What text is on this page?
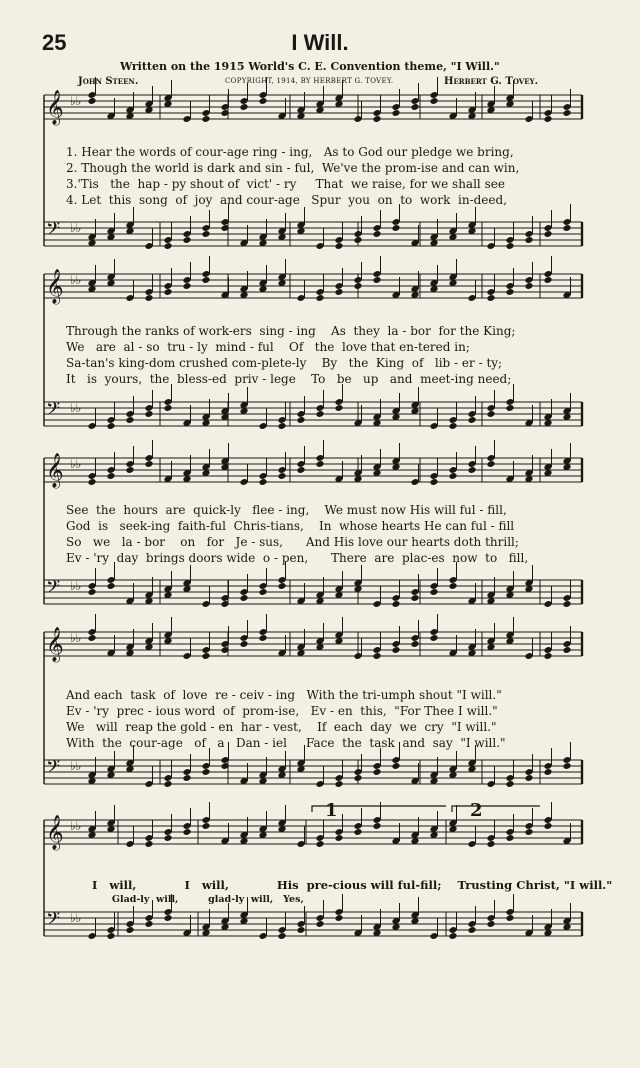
25	I Will.
Written on the 1915 World's C. E. Convention theme, "I Will."
John Steen.	COPYRIGHT, 1914, BY HERBERT G. TOVEY.	Herbert G. Tovey.
𝄞 ♭♭
𝄢 ♭♭
𝄞 ♭♭
𝄢 ♭♭
𝄞 ♭♭
𝄢 ♭♭
𝄞 ♭♭
𝄢 ♭♭
𝄞 ♭♭
𝄢 ♭♭
1. Hear the words of cour-age ring - ing,   As to God our pledge we bring,
2. Though the world is dark and sin - ful,  We've the prom-ise and can win,
3.'Tis   the  hap - py shout of  vict' - ry     That  we raise, for we shall see
4. Let  this  song  of  joy  and cour-age   Spur  you  on  to  work  in-deed,
Through the ranks of work-ers  sing - ing    As  they  la - bor  for the King;
We   are  al - so  tru - ly  mind - ful    Of   the  love that en-tered in;
Sa-tan's king-dom crushed com-plete-ly    By   the  King  of   lib - er - ty;
It   is  yours,  the  bless-ed  priv - lege    To   be   up   and  meet-ing need;
See  the  hours  are  quick-ly   flee - ing,    We must now His will ful - fill,
God  is   seek-ing  faith-ful  Chris-tians,    In  whose hearts He can ful - fill
So   we   la - bor    on   for   Je - sus,      And His love our hearts doth thrill;
Ev - 'ry  day  brings doors wide  o - pen,      There  are  plac-es  now  to   fill,
And each  task  of  love  re - ceiv - ing   With the tri-umph shout "I will."
Ev - 'ry  prec - ious word  of  prom-ise,   Ev - en  this,  "For Thee I will."
We   will  reap the gold - en  har - vest,    If  each  day  we  cry  "I will."
With  the  cour-age   of   a   Dan - iel     Face  the  task  and  say  "I will."
1	2
I   will,            I   will,            His  pre-cious will ful-fill;    Trusting Christ, "I will."
Glad-ly  will,         glad-ly  will,   Yes,
